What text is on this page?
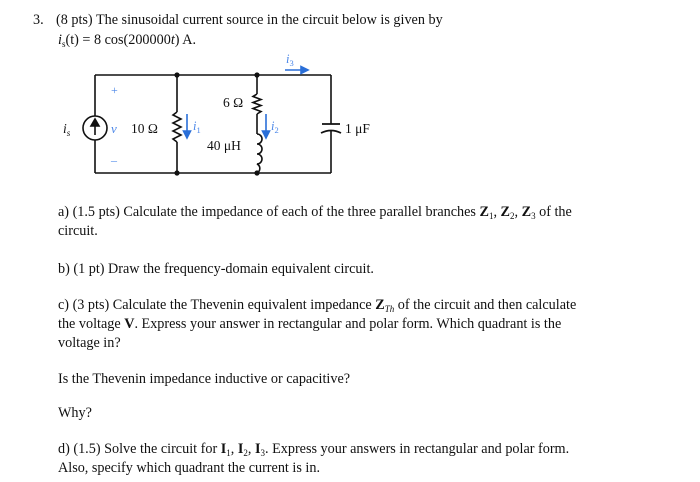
3. (8 pts) The sinusoidal current source in the circuit below is given by
$i_s(t) = 8$ cos(200000t) A.
+
–
v
$i_s$	10 Ω	$i_1$
6 Ω
$i_2$
40 μH
$i_3$
1 μF
a) (1.5 pts) Calculate the impedance of each of the three parallel branches $Z_1$, $Z_2$, $Z_3$ of the
circuit.
b) (1 pt) Draw the frequency-domain equivalent circuit.
c) (3 pts) Calculate the Thevenin equivalent impedance $Z_{Th}$ of the circuit and then calculate
the voltage V. Express your answer in rectangular and polar form. Which quadrant is the
voltage in?
Is the Thevenin impedance inductive or capacitive?
Why?
d) (1.5) Solve the circuit for $I_1$, $I_2$, $I_3$. Express your answers in rectangular and polar form.
Also, specify which quadrant the current is in.
